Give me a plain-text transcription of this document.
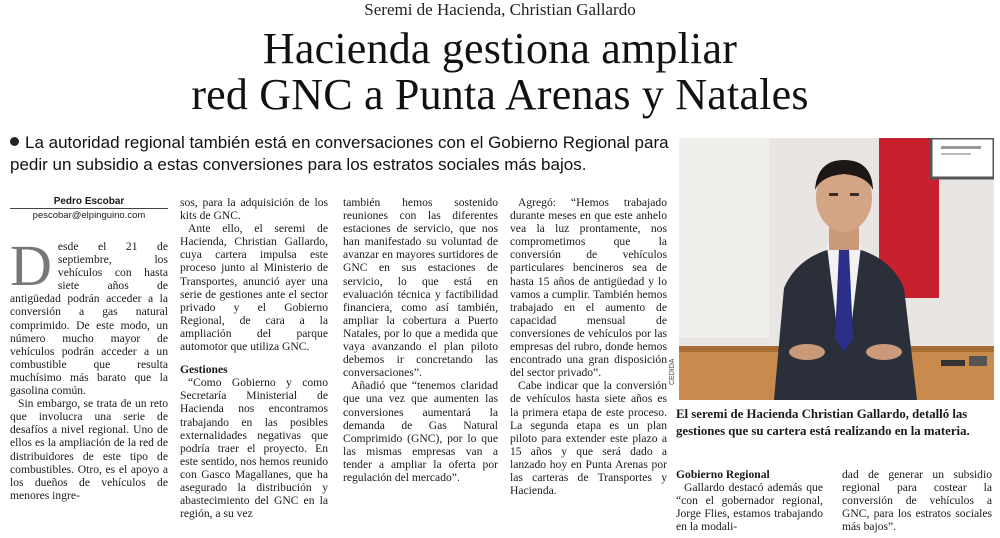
Seremi de Hacienda, Christian Gallardo
Hacienda gestiona ampliar
red GNC a Punta Arenas y Natales
La autoridad regional también está en conversaciones con el Gobierno Regional para pedir un subsidio a estas conversiones para los estratos sociales más bajos.
Pedro Escobar
pescobar@elpinguino.com

Desde el 21 de septiembre, los vehículos con hasta siete años de antigüedad podrán acceder a la conversión a gas natural comprimido. De este modo, un número mucho mayor de vehículos podrán acceder a un combustible que resulta muchísimo más barato que la gasolina común.

Sin embargo, se trata de un reto que involucra una serie de desafíos a nivel regional. Uno de ellos es la ampliación de la red de distribuidores de este tipo de combustibles. Otro, es el apoyo a los dueños de vehículos de menores ingre-

sos, para la adquisición de los kits de GNC.

Ante ello, el seremi de Hacienda, Christian Gallardo, cuya cartera impulsa este proceso junto al Ministerio de Transportes, anunció ayer una serie de gestiones ante el sector privado y el Gobierno Regional, de cara a la ampliación del parque automotor que utiliza GNC.

Gestiones

“Como Gobierno y como Secretaría Ministerial de Hacienda nos encontramos trabajando en las posibles externalidades negativas que podría traer el proyecto. En este sentido, nos hemos reunido con Gasco Magallanes, que ha asegurado la distribución y abastecimiento del GNC en la región, a su vez

también hemos sostenido reuniones con las diferentes estaciones de servicio, que nos han manifestado su voluntad de avanzar en mayores surtidores de GNC en sus estaciones de servicio, lo que está en evaluación técnica y factibilidad financiera, como así también, ampliar la cobertura a Puerto Natales, por lo que a medida que vaya avanzando el plan piloto debemos ir concretando las conversaciones”.

Añadió que “tenemos claridad que una vez que aumenten las conversiones aumentará la demanda de Gas Natural Comprimido (GNC), por lo que las mismas empresas van a tender a ampliar la oferta por regulación del mercado”.

Agregó: “Hemos trabajado durante meses en que este anhelo vea la luz prontamente, nos comprometimos que la conversión de vehículos particulares bencineros sea de hasta 15 años de antigüedad y lo vamos a cumplir. También hemos trabajado en el aumento de capacidad mensual de conversiones de vehículos por las empresas del rubro, donde hemos encontrado una gran disposición del sector privado”.

Cabe indicar que la conversión de vehículos hasta siete años es la primera etapa de este proceso. La segunda etapa es un plan piloto para extender este plazo a 15 años y que será dado a lanzado hoy en Punta Arenas por las carteras de Transportes y Hacienda.

CEDIDA
El seremi de Hacienda Christian Gallardo, detalló las gestiones que su cartera está realizando en la materia.

Gobierno Regional

Gallardo destacó además que “con el gobernador regional, Jorge Flies, estamos trabajando en la modali-

dad de generar un subsidio regional para costear la conversión de vehículos a GNC, para los estratos sociales más bajos”.
